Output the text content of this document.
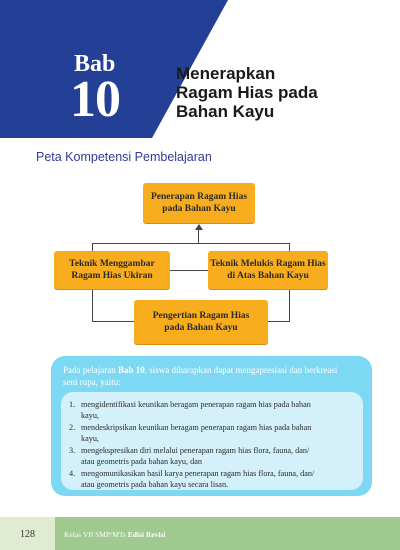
Bab
10	Menerapkan
Ragam Hias pada
Bahan Kayu
Peta Kompetensi Pembelajaran
Penerapan Ragam Hias
pada Bahan Kayu
Teknik Menggambar
Ragam Hias Ukiran
Teknik Melukis Ragam Hias
di Atas Bahan Kayu
Pengertian Ragam Hias
pada Bahan Kayu
Pada pelajaran Bab 10, siswa diharapkan dapat mengapresiasi dan berkreasi
seni rupa, yaitu:
1. mengidentifikasi keunikan beragam penerapan ragam hias pada bahan
kayu,
2. mendeskripsikan keunikan beragam penerapan ragam hias pada bahan
kayu,
3. mengekspresikan diri melalui penerapan ragam hias flora, fauna, dan/
atau geometris pada bahan kayu, dan
4. mengomunikasikan hasil karya penerapan ragam hias flora, fauna, dan/
atau geometris pada bahan kayu secara lisan.
128	Kelas VII SMP/MTs Edisi Revisi
